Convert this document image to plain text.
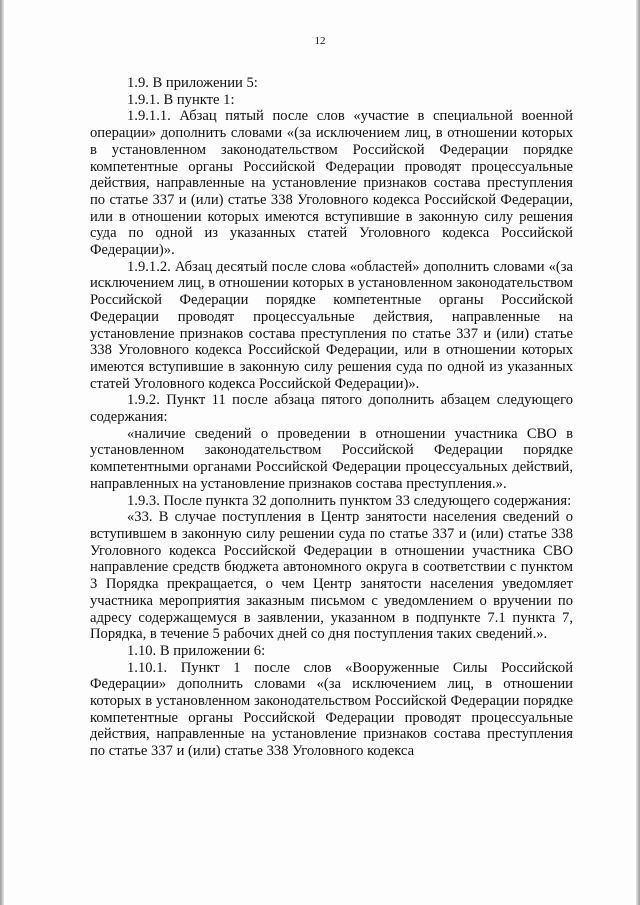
12

1.9. В приложении 5:

1.9.1. В пункте 1:

1.9.1.1. Абзац пятый после слов «участие в специальной военной операции» дополнить словами «(за исключением лиц, в отношении которых в установленном законодательством Российской Федерации порядке компетентные органы Российской Федерации проводят процессуальные действия, направленные на установление признаков состава преступления по статье 337 и (или) статье 338 Уголовного кодекса Российской Федерации, или в отношении которых имеются вступившие в законную силу решения суда по одной из указанных статей Уголовного кодекса Российской Федерации)».

1.9.1.2. Абзац десятый после слова «областей» дополнить словами «(за исключением лиц, в отношении которых в установленном законодательством Российской Федерации порядке компетентные органы Российской Федерации проводят процессуальные действия, направленные на установление признаков состава преступления по статье 337 и (или) статье 338 Уголовного кодекса Российской Федерации, или в отношении которых имеются вступившие в законную силу решения суда по одной из указанных статей Уголовного кодекса Российской Федерации)».

1.9.2. Пункт 11 после абзаца пятого дополнить абзацем следующего содержания:

«наличие сведений о проведении в отношении участника СВО в установленном законодательством Российской Федерации порядке компетентными органами Российской Федерации процессуальных действий, направленных на установление признаков состава преступления.».

1.9.3. После пункта 32 дополнить пунктом 33 следующего содержания:

«33. В случае поступления в Центр занятости населения сведений о вступившем в законную силу решении суда по статье 337 и (или) статье 338 Уголовного кодекса Российской Федерации в отношении участника СВО направление средств бюджета автономного округа в соответствии с пунктом 3 Порядка прекращается, о чем Центр занятости населения уведомляет участника мероприятия заказным письмом с уведомлением о вручении по адресу содержащемуся в заявлении, указанном в подпункте 7.1 пункта 7, Порядка, в течение 5 рабочих дней со дня поступления таких сведений.».

1.10. В приложении 6:

1.10.1. Пункт 1 после слов «Вооруженные Силы Российской Федерации» дополнить словами «(за исключением лиц, в отношении которых в установленном законодательством Российской Федерации порядке компетентные органы Российской Федерации проводят процессуальные действия, направленные на установление признаков состава преступления по статье 337 и (или) статье 338 Уголовного кодекса
